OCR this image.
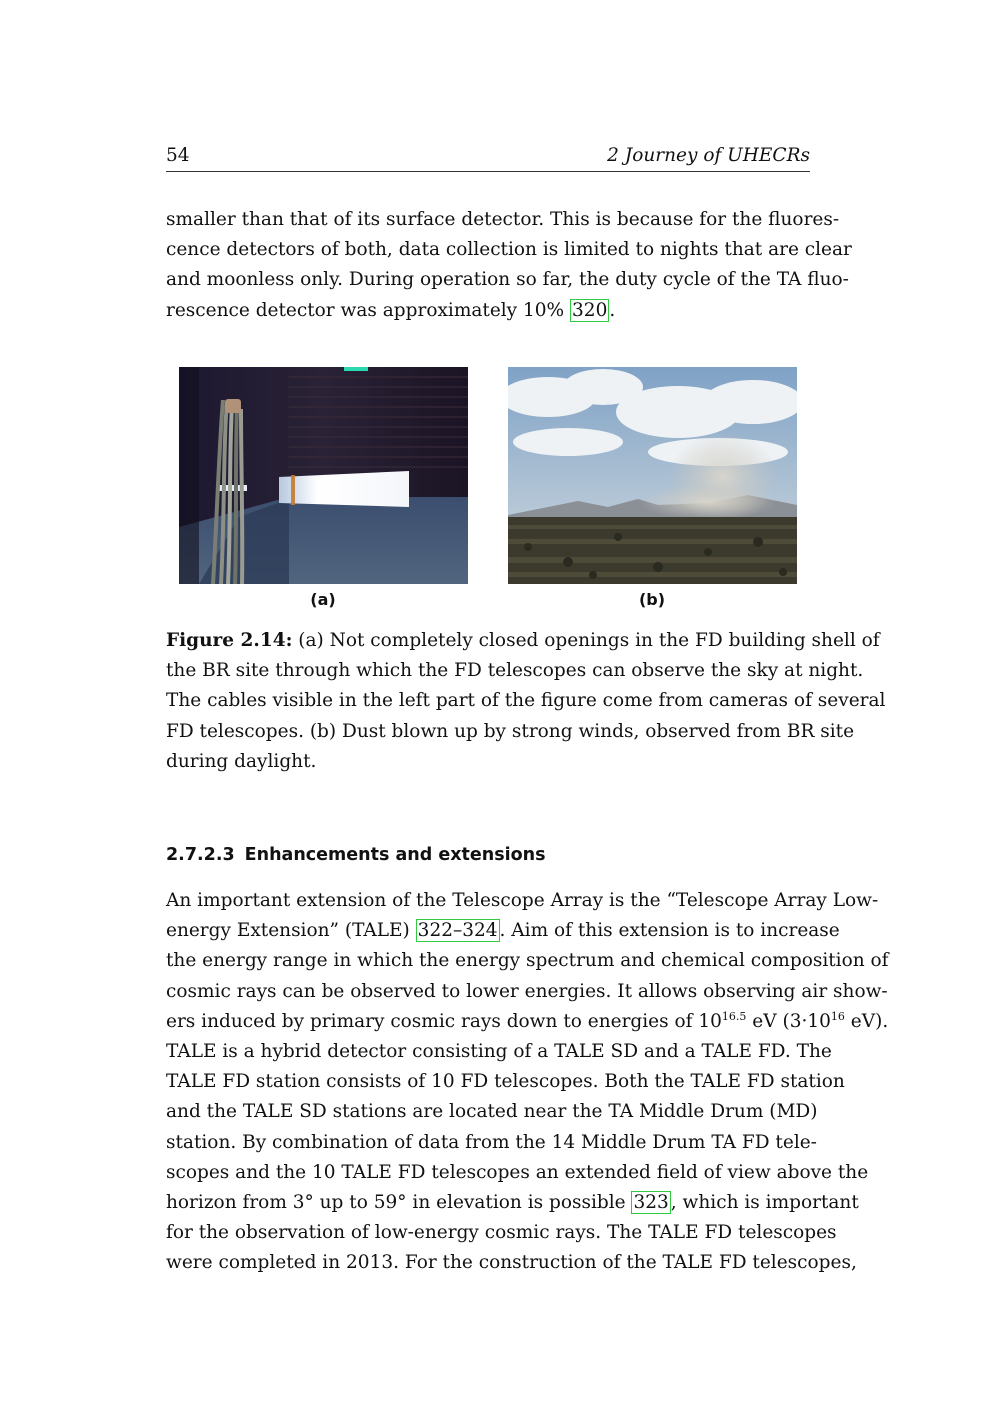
54	2 Journey of UHECRs
smaller than that of its surface detector. This is because for the fluores-
cence detectors of both, data collection is limited to nights that are clear
and moonless only. During operation so far, the duty cycle of the TA fluo-
rescence detector was approximately 10% 320 .
(a)	(b)
Figure 2.14: (a) Not completely closed openings in the FD building shell of
the BR site through which the FD telescopes can observe the sky at night.
The cables visible in the left part of the figure come from cameras of several
FD telescopes. (b) Dust blown up by strong winds, observed from BR site
during daylight.
2.7.2.3 Enhancements and extensions
An important extension of the Telescope Array is the “Telescope Array Low-
energy Extension” (TALE) 322–324 . Aim of this extension is to increase
the energy range in which the energy spectrum and chemical composition of
cosmic rays can be observed to lower energies. It allows observing air show-
ers induced by primary cosmic rays down to energies of $10^{16.5}$ eV ($3\cdot 10^{16}$ eV).
TALE is a hybrid detector consisting of a TALE SD and a TALE FD. The
TALE FD station consists of 10 FD telescopes. Both the TALE FD station
and the TALE SD stations are located near the TA Middle Drum (MD)
station. By combination of data from the 14 Middle Drum TA FD tele-
scopes and the 10 TALE FD telescopes an extended field of view above the
horizon from 3° up to 59° in elevation is possible 323 , which is important
for the observation of low-energy cosmic rays. The TALE FD telescopes
were completed in 2013. For the construction of the TALE FD telescopes,
